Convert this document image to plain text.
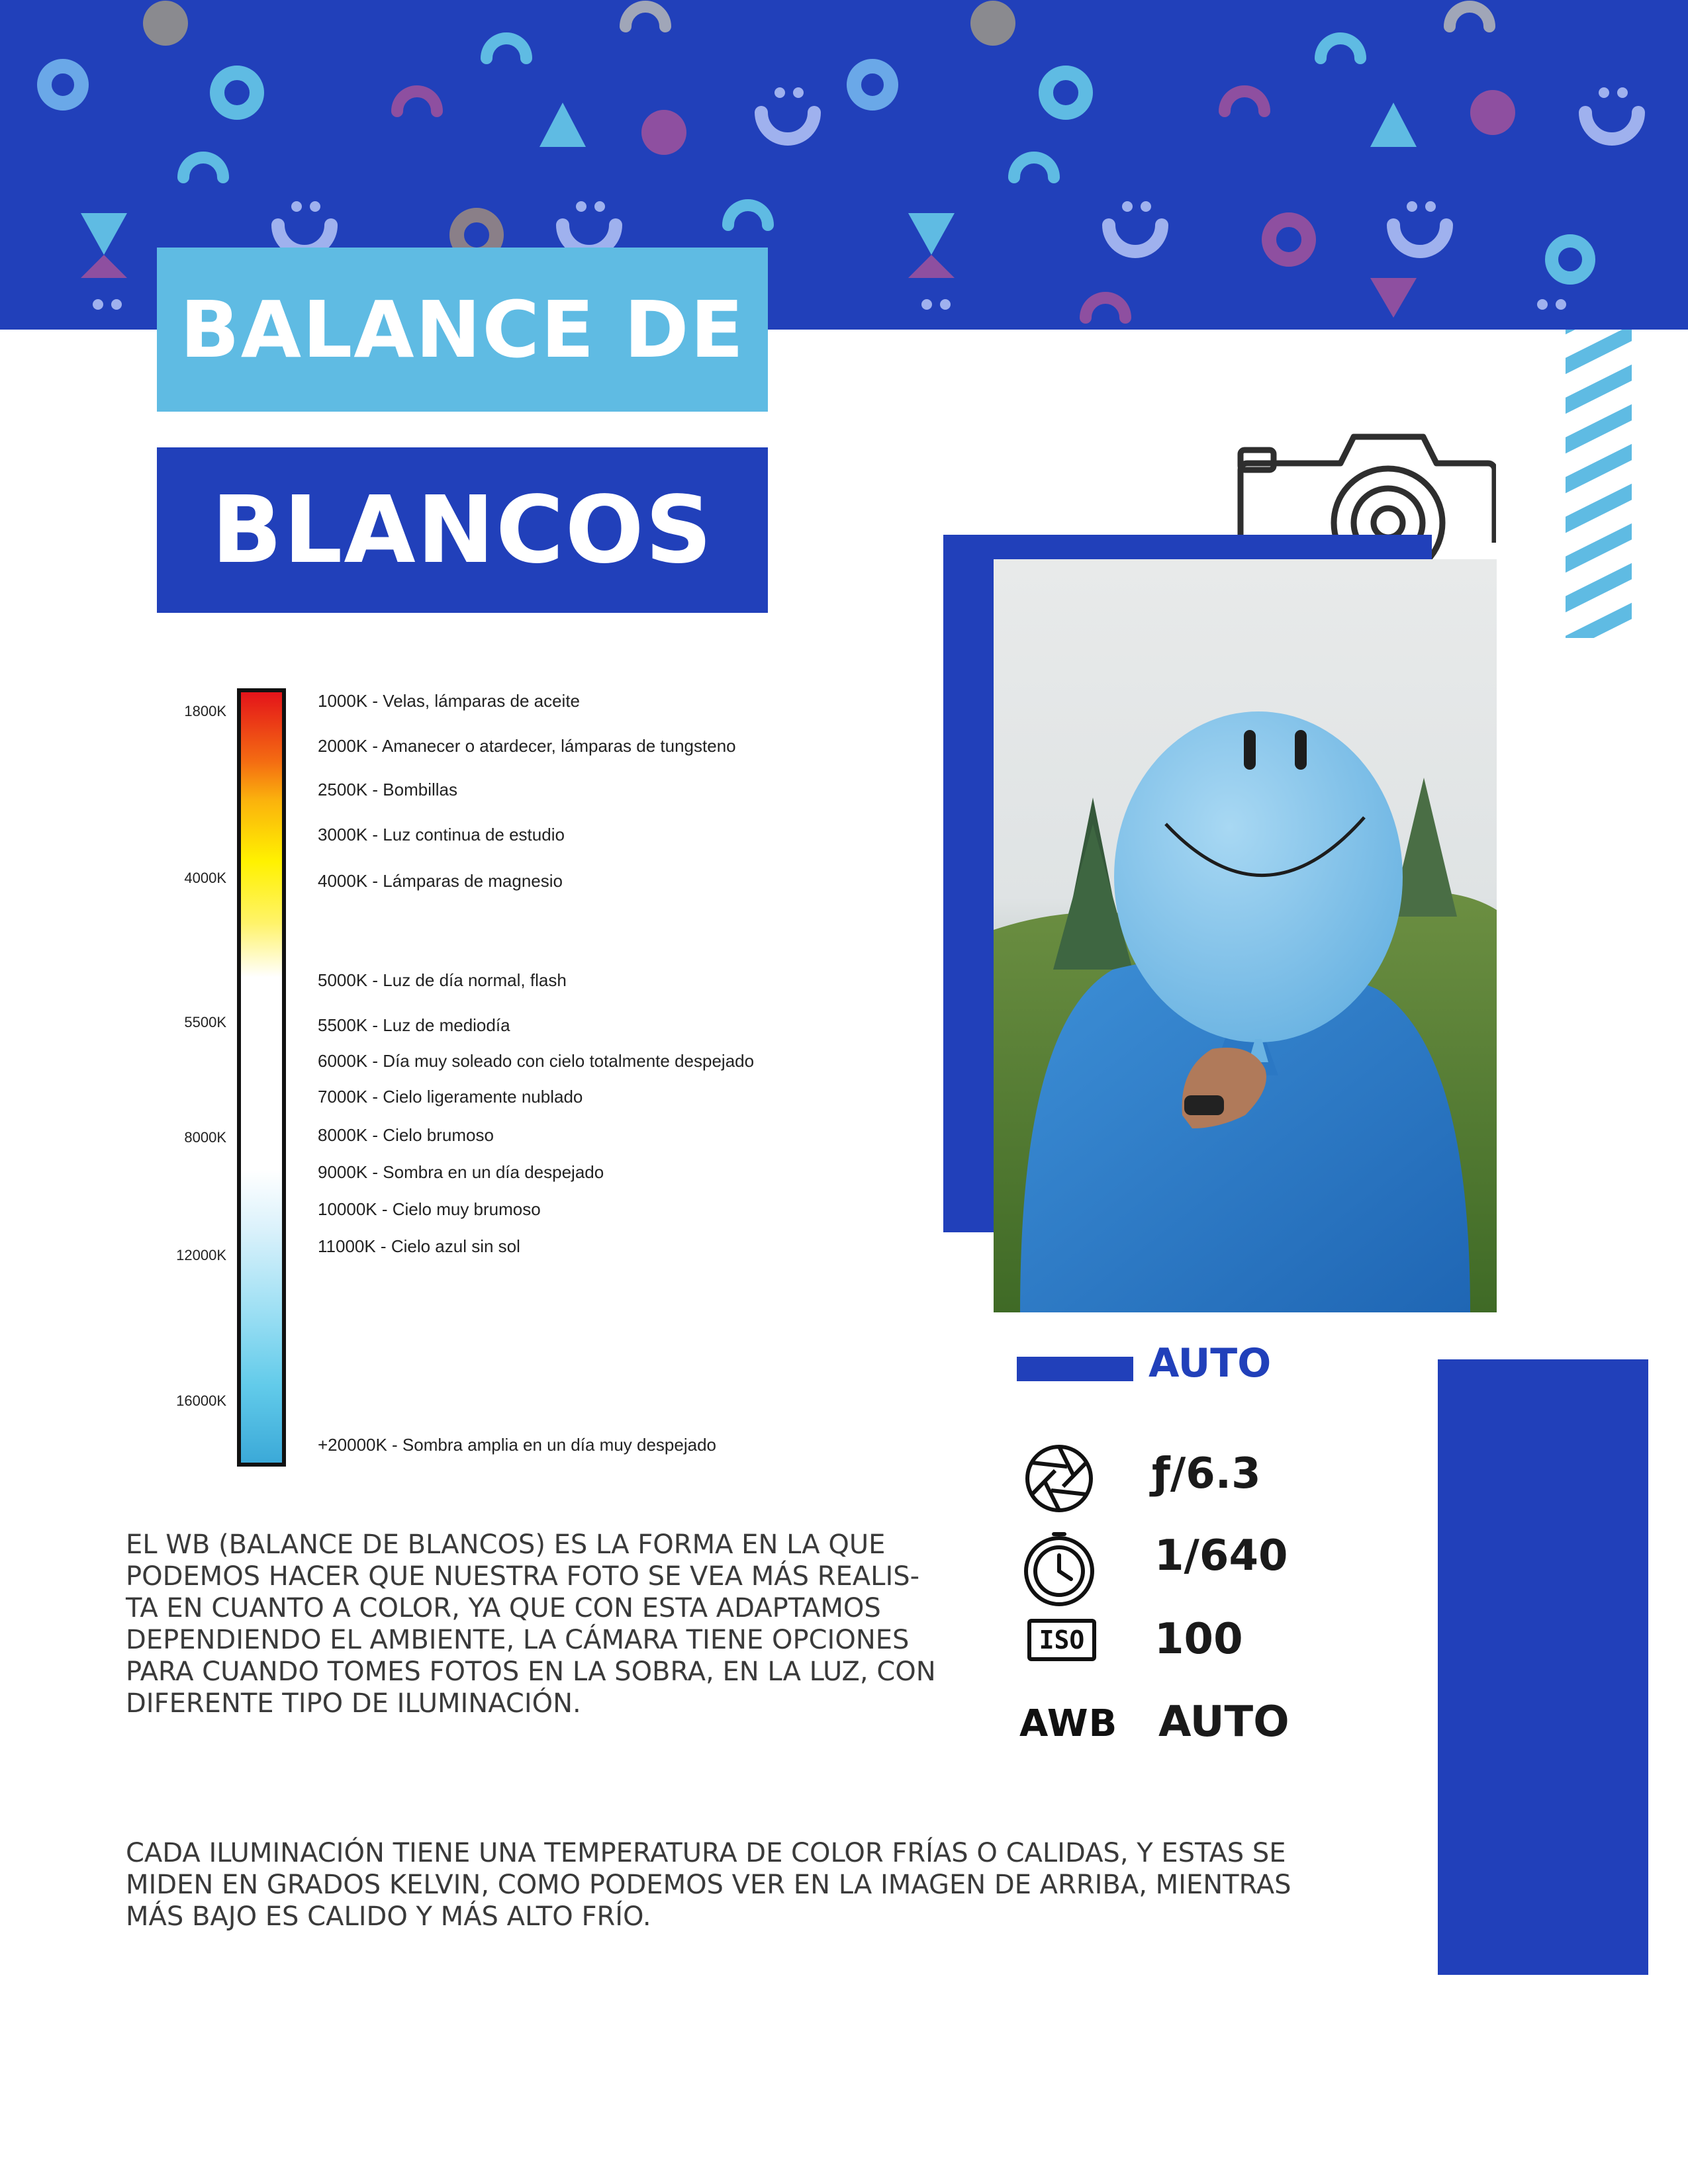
BALANCE DE
BLANCOS
1800K
4000K
5500K
8000K
12000K
16000K
1000K - Velas, lámparas de aceite
2000K - Amanecer o atardecer, lámparas de tungsteno
2500K - Bombillas
3000K - Luz continua de estudio
4000K - Lámparas de magnesio
5000K - Luz de día normal, flash
5500K - Luz de mediodía
6000K - Día muy soleado con cielo totalmente despejado
7000K - Cielo ligeramente nublado
8000K - Cielo brumoso
9000K - Sombra en un día despejado
10000K - Cielo muy brumoso
11000K - Cielo azul sin sol
+20000K - Sombra amplia en un día muy despejado
AUTO
ƒ/6.3
1/640
ISO 100
AWB AUTO
EL WB (BALANCE DE BLANCOS) ES LA FORMA EN LA QUE
PODEMOS HACER QUE NUESTRA FOTO SE VEA MÁS REALIS-
TA EN CUANTO A COLOR, YA QUE CON ESTA ADAPTAMOS
DEPENDIENDO EL AMBIENTE, LA CÁMARA TIENE OPCIONES
PARA CUANDO TOMES FOTOS EN LA SOBRA, EN LA LUZ, CON
DIFERENTE TIPO DE ILUMINACIÓN.
CADA ILUMINACIÓN TIENE UNA TEMPERATURA DE COLOR FRÍAS O CALIDAS, Y ESTAS SE
MIDEN EN GRADOS KELVIN, COMO PODEMOS VER EN LA IMAGEN DE ARRIBA, MIENTRAS
MÁS BAJO ES CALIDO Y MÁS ALTO FRÍO.
